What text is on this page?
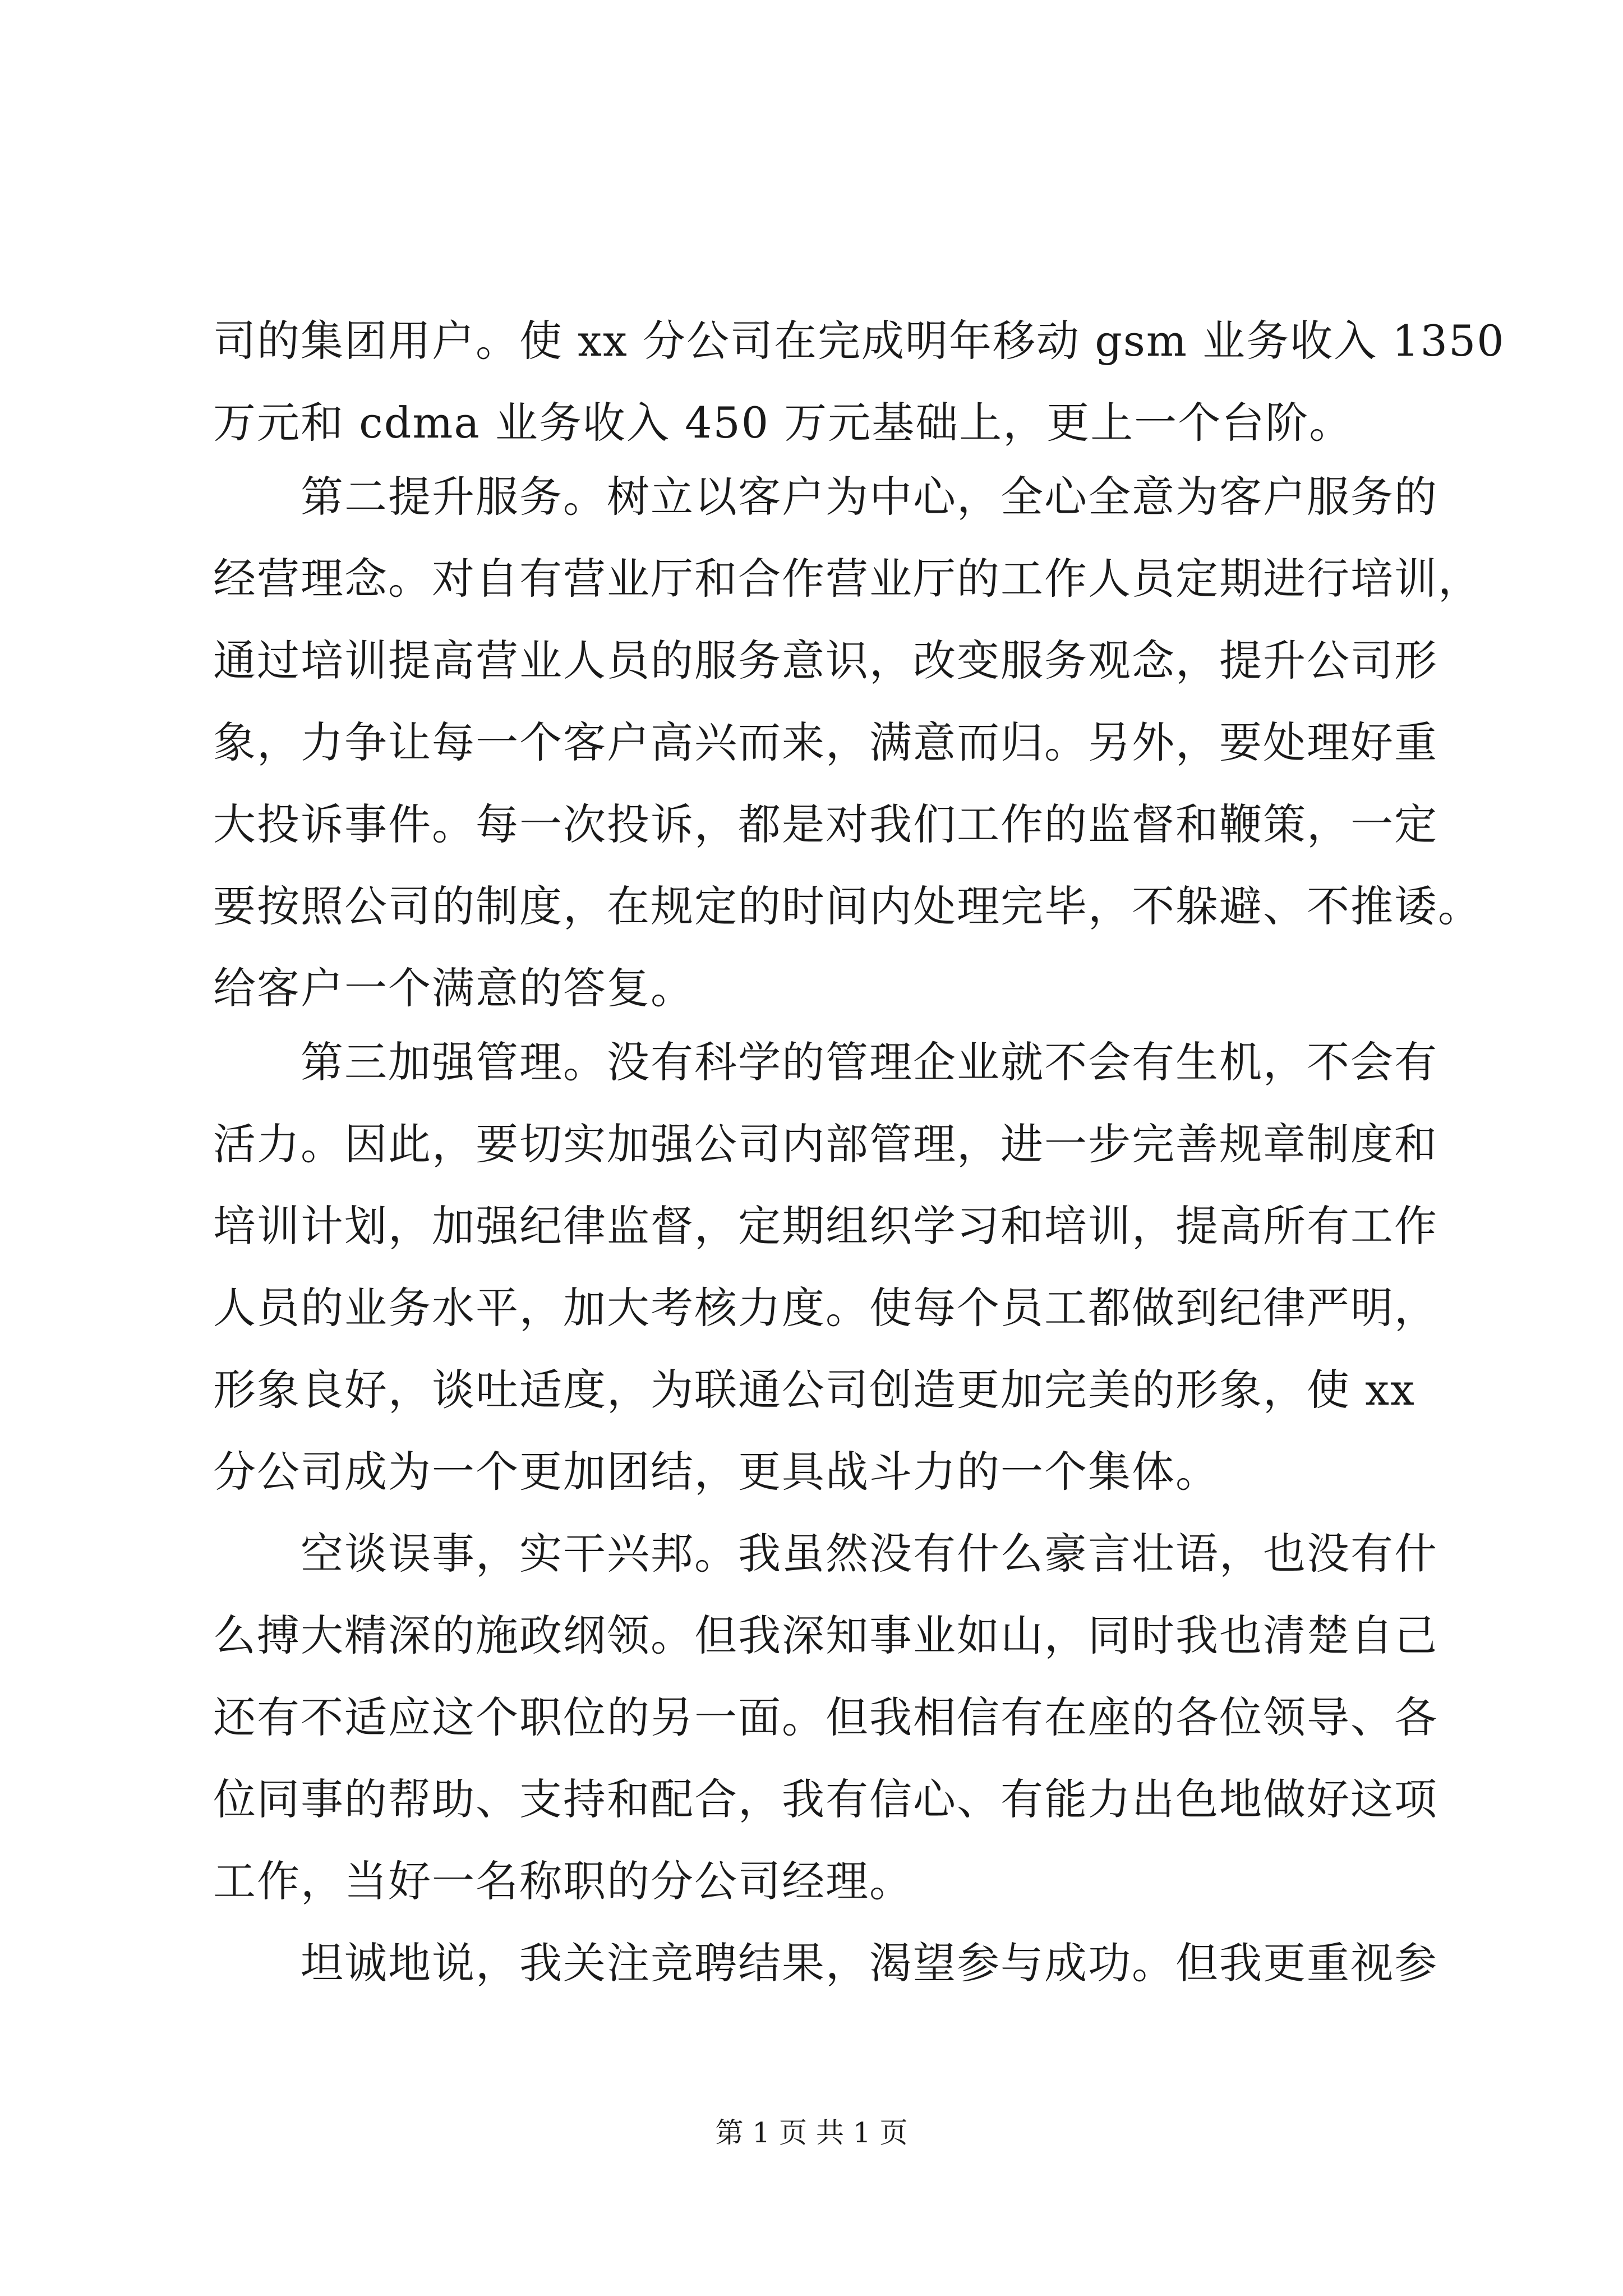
司的集团用户。使 xx 分公司在完成明年移动 gsm 业务收入 1350
万元和 cdma 业务收入 450 万元基础上，更上一个台阶。
　　第二提升服务。树立以客户为中心，全心全意为客户服务的
经营理念。对自有营业厅和合作营业厅的工作人员定期进行培训，
通过培训提高营业人员的服务意识，改变服务观念，提升公司形
象，力争让每一个客户高兴而来，满意而归。另外，要处理好重
大投诉事件。每一次投诉，都是对我们工作的监督和鞭策，一定
要按照公司的制度，在规定的时间内处理完毕，不躲避、不推诿。
给客户一个满意的答复。
　　第三加强管理。没有科学的管理企业就不会有生机，不会有
活力。因此，要切实加强公司内部管理，进一步完善规章制度和
培训计划，加强纪律监督，定期组织学习和培训，提高所有工作
人员的业务水平，加大考核力度。使每个员工都做到纪律严明，
形象良好，谈吐适度，为联通公司创造更加完美的形象，使 xx
分公司成为一个更加团结，更具战斗力的一个集体。
　　空谈误事，实干兴邦。我虽然没有什么豪言壮语，也没有什
么搏大精深的施政纲领。但我深知事业如山，同时我也清楚自己
还有不适应这个职位的另一面。但我相信有在座的各位领导、各
位同事的帮助、支持和配合，我有信心、有能力出色地做好这项
工作，当好一名称职的分公司经理。
　　坦诚地说，我关注竞聘结果，渴望参与成功。但我更重视参
第 1 页 共 1 页
